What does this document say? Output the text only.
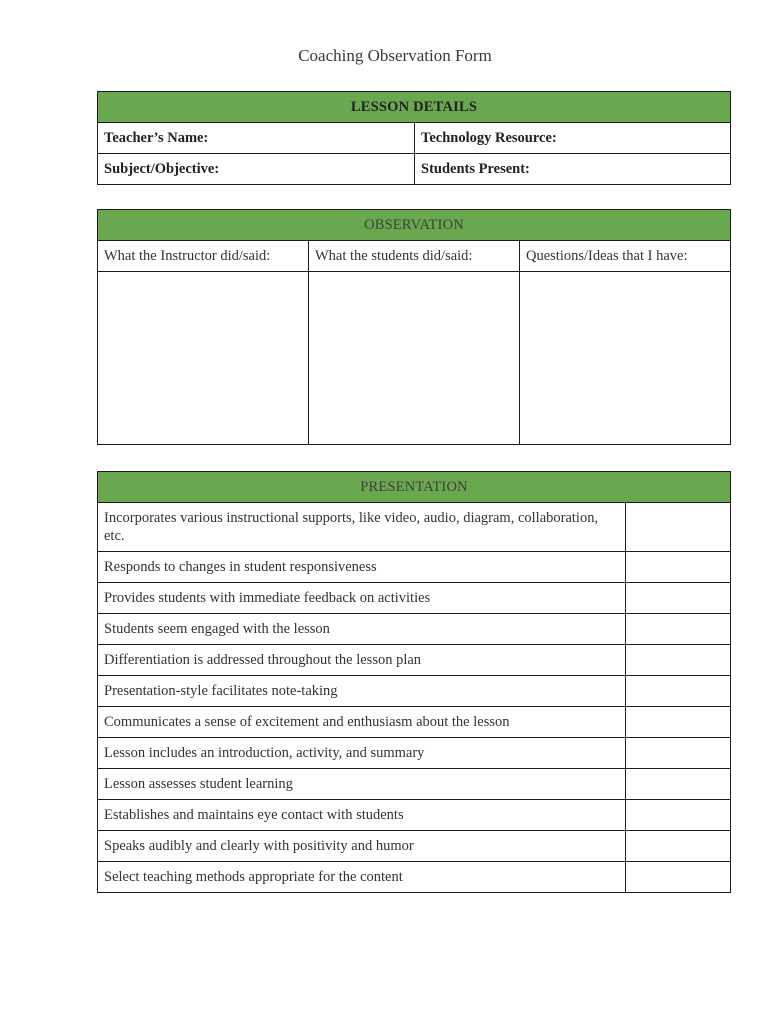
Coaching Observation Form
LESSON DETAILS	
Teacher’s Name:	Technology Resource:
Subject/Objective:	Students Present:
OBSERVATION		
What the Instructor did/said:	What the students did/said:	Questions/Ideas that I have:

PRESENTATION	
Incorporates various instructional supports, like video, audio, diagram, collaboration, etc.	
Responds to changes in student responsiveness	
Provides students with immediate feedback on activities	
Students seem engaged with the lesson	
Differentiation is addressed throughout the lesson plan	
Presentation-style facilitates note-taking	
Communicates a sense of excitement and enthusiasm about the lesson	
Lesson includes an introduction, activity, and summary	
Lesson assesses student learning	
Establishes and maintains eye contact with students	
Speaks audibly and clearly with positivity and humor	
Select teaching methods appropriate for the content	
